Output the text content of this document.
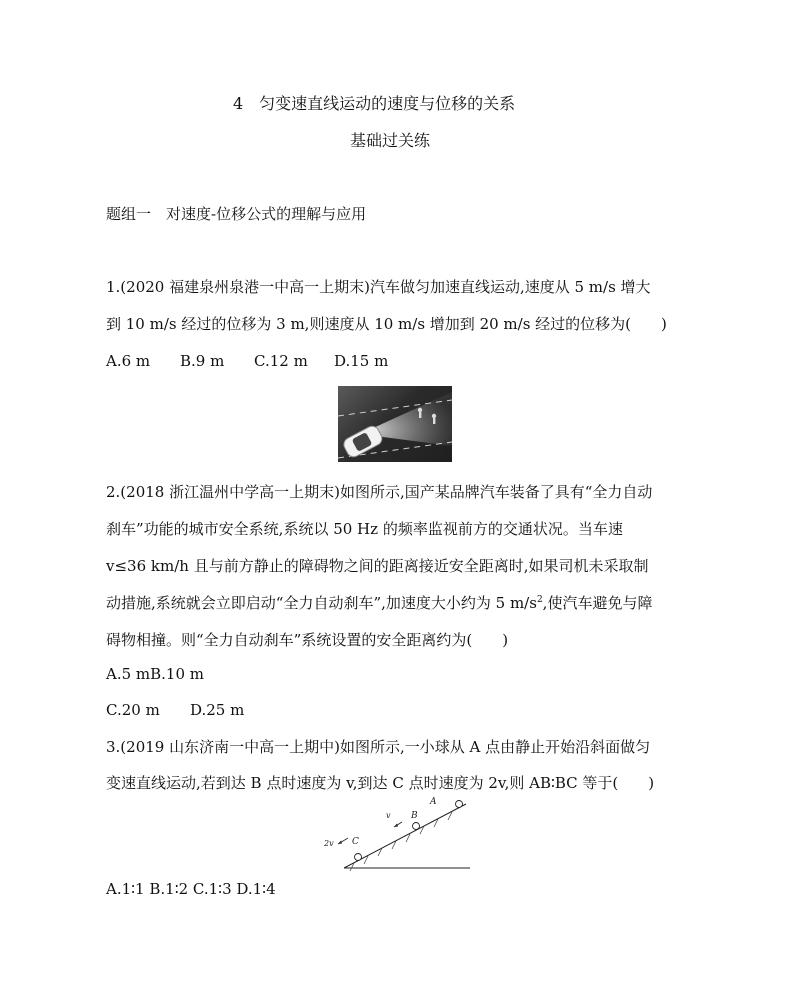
4　匀变速直线运动的速度与位移的关系
基础过关练
题组一　对速度-位移公式的理解与应用
1.(2020 福建泉州泉港一中高一上期末)汽车做匀加速直线运动,速度从 5 m/s 增大
到 10 m/s 经过的位移为 3 m,则速度从 10 m/s 增加到 20 m/s 经过的位移为(　　)
A.6 m B.9 m C.12 m D.15 m
2.(2018 浙江温州中学高一上期末)如图所示,国产某品牌汽车装备了具有“全力自动
刹车”功能的城市安全系统,系统以 50 Hz 的频率监视前方的交通状况。当车速
v≤36 km/h 且与前方静止的障碍物之间的距离接近安全距离时,如果司机未采取制
动措施,系统就会立即启动“全力自动刹车”,加速度大小约为 5 $m/s^2$,使汽车避免与障
碍物相撞。则“全力自动刹车”系统设置的安全距离约为(　　)
A.5 mB.10 m
C.20 m D.25 m
3.(2019 山东济南一中高一上期中)如图所示,一小球从 A 点由静止开始沿斜面做匀
变速直线运动,若到达 B 点时速度为 v,到达 C 点时速度为 2v,则 AB∶BC 等于(　　)
C
B
A
v
2v
A.1∶1 B.1∶2 C.1∶3 D.1∶4
